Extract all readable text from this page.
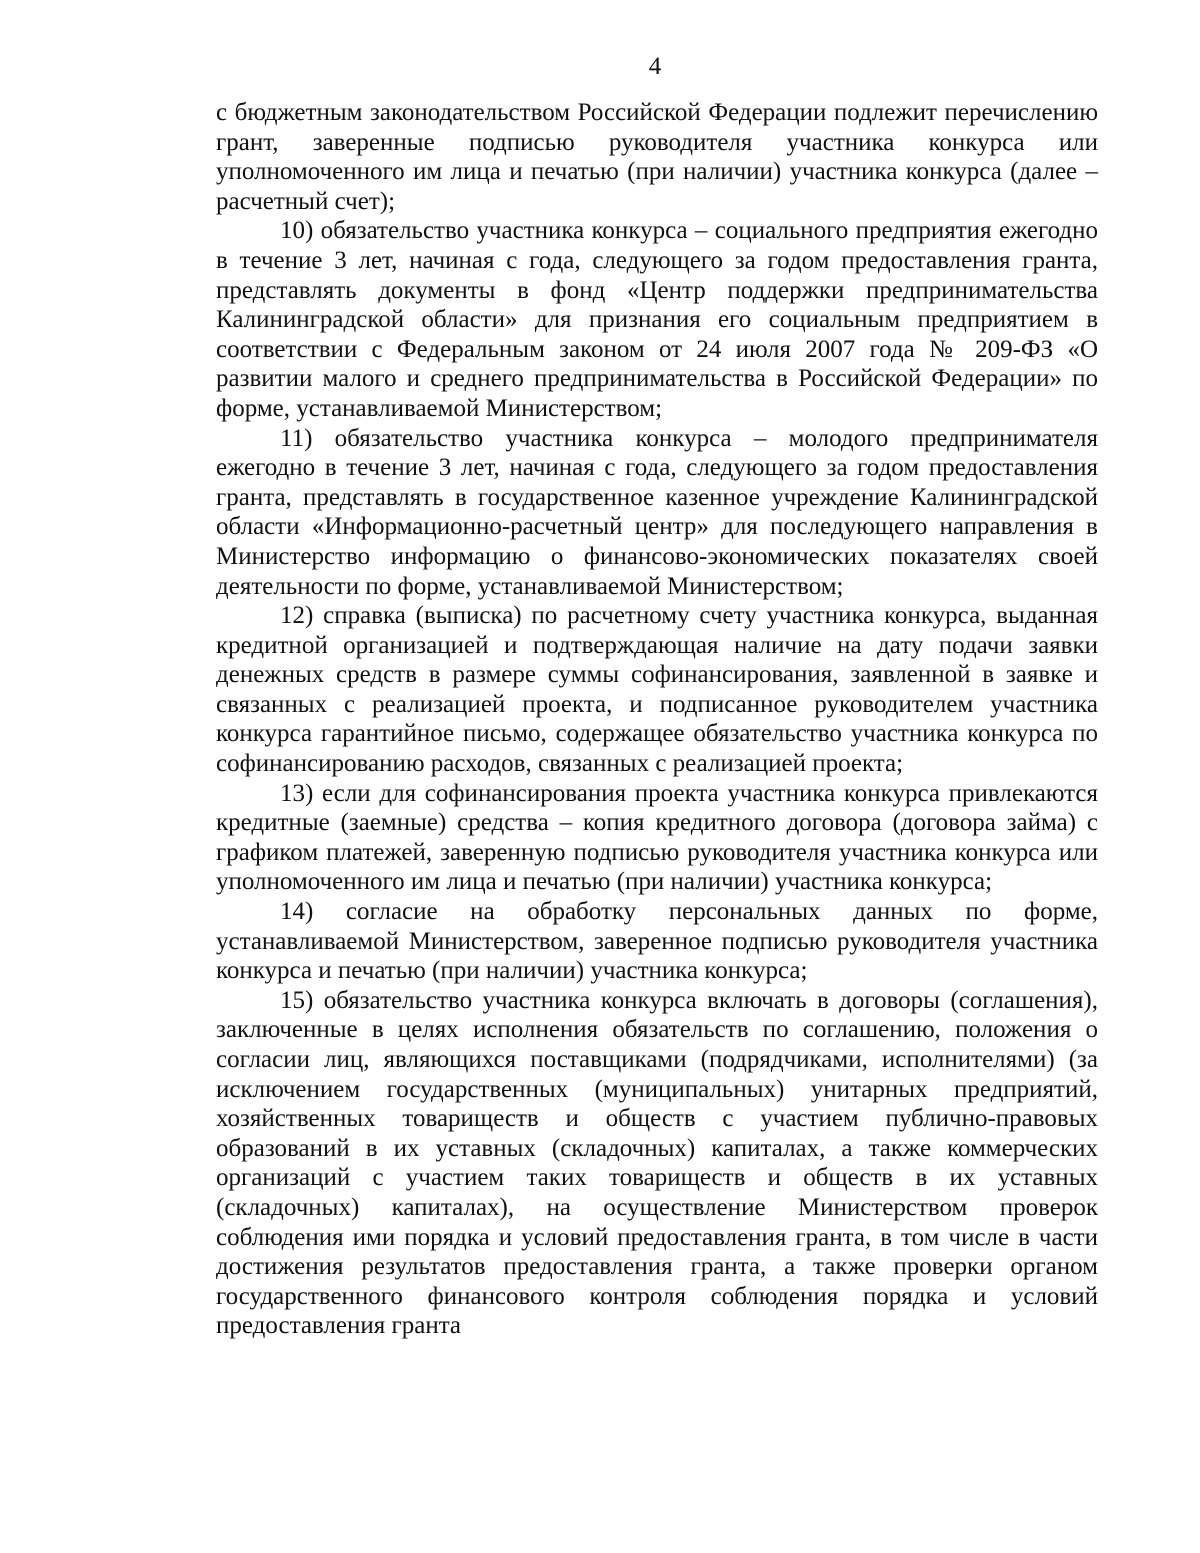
4

с бюджетным законодательством Российской Федерации подлежит перечислению грант, заверенные подписью руководителя участника конкурса или уполномоченного им лица и печатью (при наличии) участника конкурса (далее – расчетный счет);

10) обязательство участника конкурса – социального предприятия ежегодно в течение 3 лет, начиная с года, следующего за годом предоставления гранта, представлять документы в фонд «Центр поддержки предпринимательства Калининградской области» для признания его социальным предприятием в соответствии с Федеральным законом от 24 июля 2007 года № 209-ФЗ «О развитии малого и среднего предпринимательства в Российской Федерации» по форме, устанавливаемой Министерством;

11) обязательство участника конкурса – молодого предпринимателя ежегодно в течение 3 лет, начиная с года, следующего за годом предоставления гранта, представлять в государственное казенное учреждение Калининградской области «Информационно-расчетный центр» для последующего направления в Министерство информацию о финансово-экономических показателях своей деятельности по форме, устанавливаемой Министерством;

12) справка (выписка) по расчетному счету участника конкурса, выданная кредитной организацией и подтверждающая наличие на дату подачи заявки денежных средств в размере суммы софинансирования, заявленной в заявке и связанных с реализацией проекта, и подписанное руководителем участника конкурса гарантийное письмо, содержащее обязательство участника конкурса по софинансированию расходов, связанных с реализацией проекта;

13) если для софинансирования проекта участника конкурса привлекаются кредитные (заемные) средства – копия кредитного договора (договора займа) с графиком платежей, заверенную подписью руководителя участника конкурса или уполномоченного им лица и печатью (при наличии) участника конкурса;

14) согласие на обработку персональных данных по форме, устанавливаемой Министерством, заверенное подписью руководителя участника конкурса и печатью (при наличии) участника конкурса;

15) обязательство участника конкурса включать в договоры (соглашения), заключенные в целях исполнения обязательств по соглашению, положения о согласии лиц, являющихся поставщиками (подрядчиками, исполнителями) (за исключением государственных (муниципальных) унитарных предприятий, хозяйственных товариществ и обществ с участием публично-правовых образований в их уставных (складочных) капиталах, а также коммерческих организаций с участием таких товариществ и обществ в их уставных (складочных) капиталах), на осуществление Министерством проверок соблюдения ими порядка и условий предоставления гранта, в том числе в части достижения результатов предоставления гранта, а также проверки органом государственного финансового контроля соблюдения порядка и условий предоставления гранта
